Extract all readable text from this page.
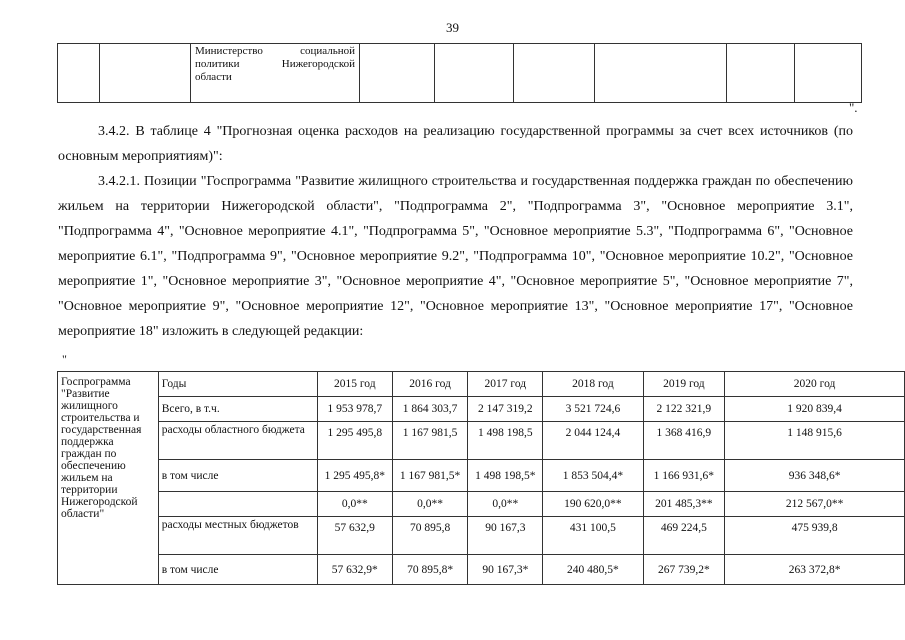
39

Министерство социальной
политики Нижегородской
области

".
3.4.2. В таблице 4 "Прогнозная оценка расходов на реализацию государственной программы за счет всех источников (по основным мероприятиям)":
3.4.2.1. Позиции "Госпрограмма "Развитие жилищного строительства и государственная поддержка граждан по обеспечению жильем на территории Нижегородской области", "Подпрограмма 2", "Подпрограмма 3", "Основное мероприятие 3.1", "Подпрограмма 4", "Основное мероприятие 4.1", "Подпрограмма 5", "Основное мероприятие 5.3", "Подпрограмма 6", "Основное мероприятие 6.1", "Подпрограмма 9", "Основное мероприятие 9.2", "Подпрограмма 10", "Основное мероприятие 10.2", "Основное мероприятие 1", "Основное мероприятие 3", "Основное мероприятие 4", "Основное мероприятие 5", "Основное мероприятие 7", "Основное мероприятие 9", "Основное мероприятие 12", "Основное мероприятие 13", "Основное мероприятие 17", "Основное мероприятие 18" изложить в следующей редакции:
"
Госпрограмма "Развитие жилищного строительства и государственная поддержка граждан по обеспечению жильем на территории Нижегородской области"	Годы	2015 год	2016 год	2017 год	2018 год	2019 год	2020 год
	Всего, в т.ч.	1 953 978,7	1 864 303,7	2 147 319,2	3 521 724,6	2 122 321,9	1 920 839,4
	расходы областного бюджета	1 295 495,8	1 167 981,5	1 498 198,5	2 044 124,4	1 368 416,9	1 148 915,6
	в том числе	1 295 495,8*	1 167 981,5*	1 498 198,5*	1 853 504,4*	1 166 931,6*	936 348,6*
		0,0**	0,0**	0,0**	190 620,0**	201 485,3**	212 567,0**
	расходы местных бюджетов	57 632,9	70 895,8	90 167,3	431 100,5	469 224,5	475 939,8
	в том числе	57 632,9*	70 895,8*	90 167,3*	240 480,5*	267 739,2*	263 372,8*
